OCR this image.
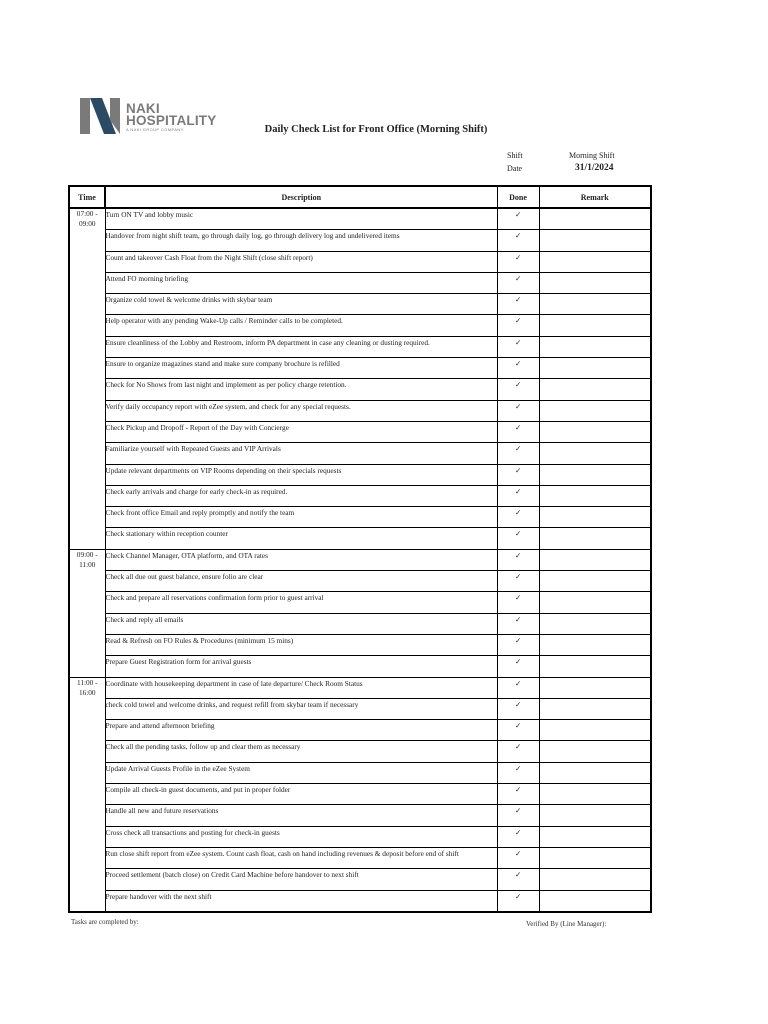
NAKI
HOSPITALITY
A NAKI GROUP COMPANY	Daily Check List for Front Office (Morning Shift)
Shift	Morning Shift
Date	31/1/2024
Time	Description	Done	Remark
07:00 - 09:00	Turn ON TV and lobby music	✓	
	Handover from night shift team, go through daily log, go through delivery log and undelivered items	✓	
	Count and takeover Cash Float from the Night Shift (close shift report)	✓	
	Attend FO morning briefing	✓	
	Organize cold towel & welcome drinks with skybar team	✓	
	Help operator with any pending Wake-Up calls / Reminder calls to be completed.	✓	
	Ensure cleanliness of the Lobby and Restroom, inform PA department in case any cleaning or dusting required.	✓	
	Ensure to organize magazines stand and make sure company brochure is refilled	✓	
	Check for No Shows from last night and implement as per policy charge retention.	✓	
	Verify daily occupancy report with eZee system, and check for any special requests.	✓	
	Check Pickup and Dropoff - Report of the Day with Concierge	✓	
	Familiarize yourself with Repeated Guests and VIP Arrivals	✓	
	Update relevant departments on VIP Rooms depending on their specials requests	✓	
	Check early arrivals and charge for early check-in as required.	✓	
	Check front office Email and reply promptly and notify the team	✓	
	Check stationary within reception counter	✓	
09:00 - 11:00	Check Channel Manager, OTA platform, and OTA rates	✓	
	Check all due out guest balance, ensure folio are clear	✓	
	Check and prepare all reservations confirmation form prior to guest arrival	✓	
	Check and reply all emails	✓	
	Read & Refresh on FO Rules & Procedures (minimum 15 mins)	✓	
	Prepare Guest Registration form for arrival guests	✓	
11:00 - 16:00	Coordinate with housekeeping department in case of late departure/ Check Room Status	✓	
	check cold towel and welcome drinks, and request refill from skybar team if necessary	✓	
	Prepare and attend afternoon briefing	✓	
	Check all the pending tasks, follow up and clear them as necessary	✓	
	Update Arrival Guests Profile in the eZee System	✓	
	Compile all check-in guest documents, and put in proper folder	✓	
	Handle all new and future reservations	✓	
	Cross check all transactions and posting for check-in guests	✓	
	Run close shift report from eZee system. Count cash float, cash on hand including revenues & deposit before end of shift	✓	
	Proceed settlement (batch close) on Credit Card Machine before handover to next shift	✓	
	Prepare handover with the next shift	✓	
Tasks are completed by:	Verified By (Line Manager):
